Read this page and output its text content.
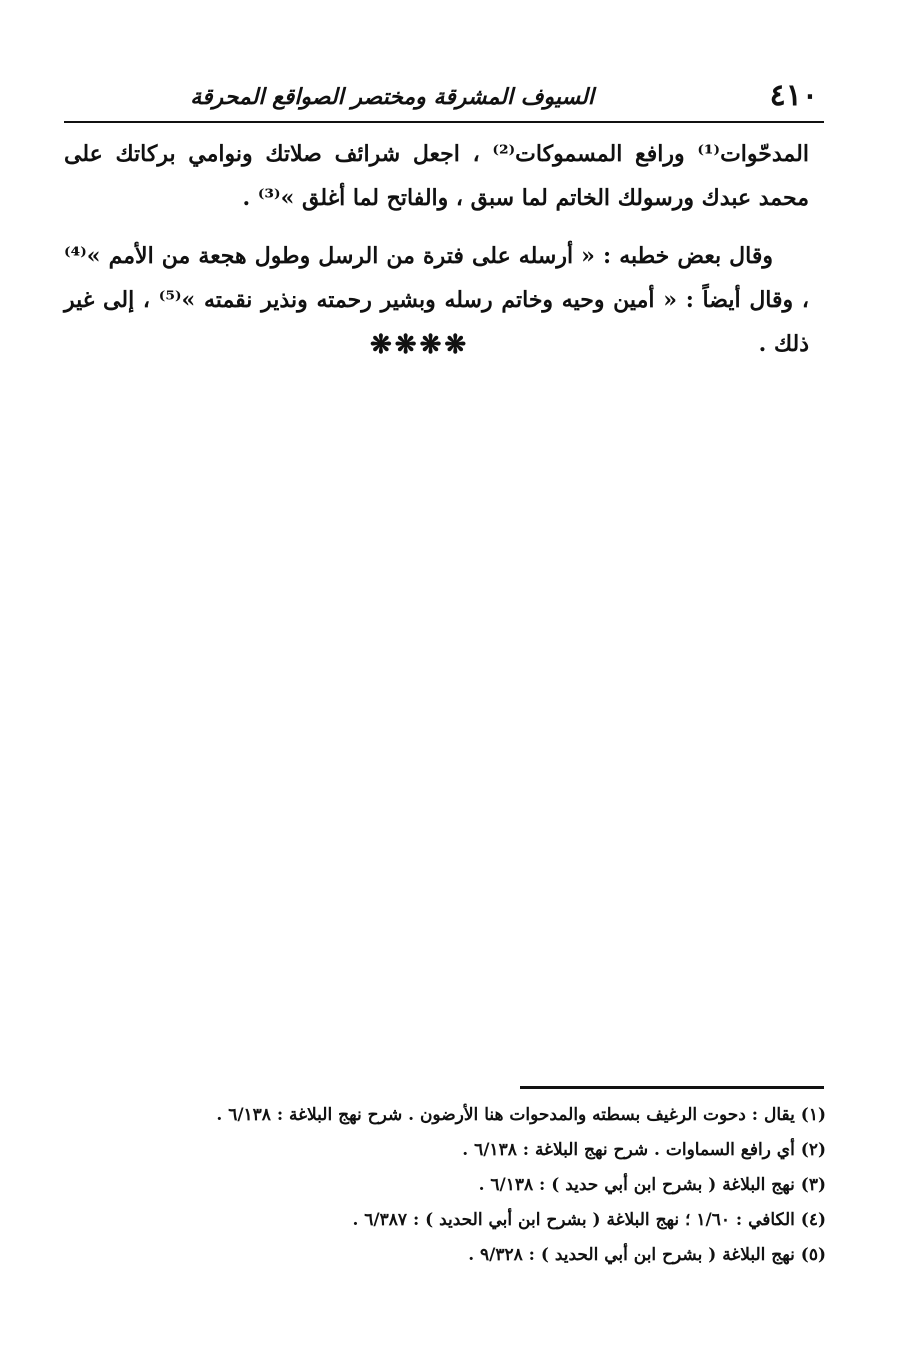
٤١٠
السيوف المشرقة ومختصر الصواقع المحرقة

المدحّوات⁽¹⁾ ورافع المسموكات⁽²⁾ ، اجعل شرائف صلاتك ونوامي بركاتك على محمد عبدك ورسولك الخاتم لما سبق ، والفاتح لما أغلق »⁽³⁾ .

وقال بعض خطبه : « أرسله على فترة من الرسل وطول هجعة من الأمم »⁽⁴⁾ ، وقال أيضاً : « أمين وحيه وخاتم رسله وبشير رحمته ونذير نقمته »⁽⁵⁾ ، إلى غير ذلك .

❋❋❋❋
(١) يقال : دحوت الرغيف بسطته والمدحوات هنا الأرضون . شرح نهج البلاغة : ٦/١٣٨ .
(٢) أي رافع السماوات . شرح نهج البلاغة : ٦/١٣٨ .
(٣) نهج البلاغة ( بشرح ابن أبي حديد ) : ٦/١٣٨ .
(٤) الكافي : ١/٦٠ ؛ نهج البلاغة ( بشرح ابن أبي الحديد ) : ٦/٣٨٧ .
(٥) نهج البلاغة ( بشرح ابن أبي الحديد ) : ٩/٣٢٨ .
